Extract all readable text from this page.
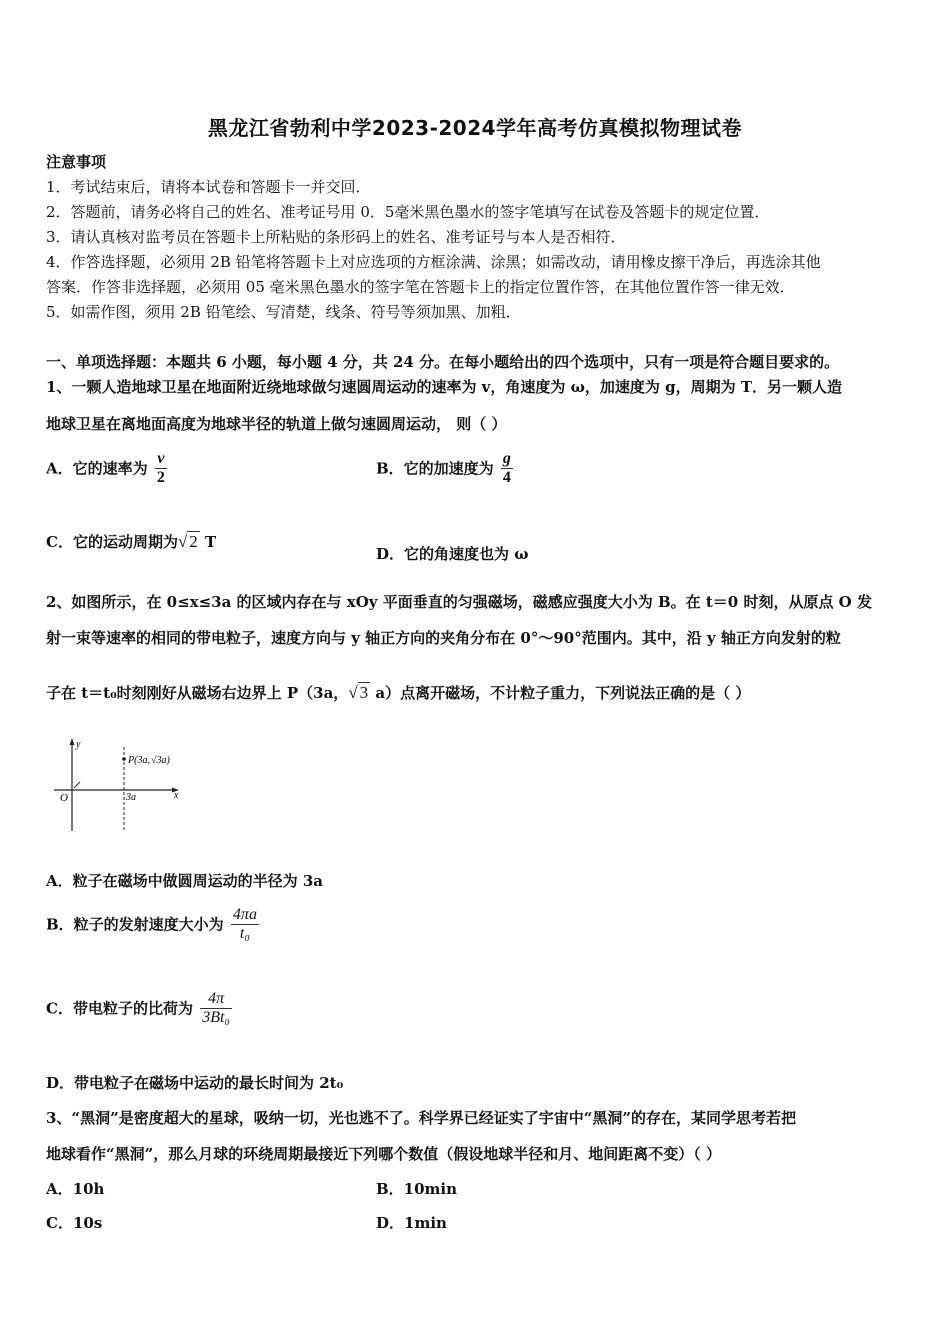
黑龙江省勃利中学2023-2024学年高考仿真模拟物理试卷
注意事项
1．考试结束后，请将本试卷和答题卡一并交回．
2．答题前，请务必将自己的姓名、准考证号用 0．5毫米黑色墨水的签字笔填写在试卷及答题卡的规定位置．
3．请认真核对监考员在答题卡上所粘贴的条形码上的姓名、准考证号与本人是否相符．
4．作答选择题，必须用 2B 铅笔将答题卡上对应选项的方框涂满、涂黑；如需改动，请用橡皮擦干净后，再选涂其他
答案．作答非选择题，必须用 05 毫米黑色墨水的签字笔在答题卡上的指定位置作答，在其他位置作答一律无效．
5．如需作图，须用 2B 铅笔绘、写清楚，线条、符号等须加黑、加粗．
一、单项选择题：本题共 6 小题，每小题 4 分，共 24 分。在每小题给出的四个选项中，只有一项是符合题目要求的。
1、一颗人造地球卫星在地面附近绕地球做匀速圆周运动的速率为 v，角速度为 ω，加速度为 g，周期为 T．另一颗人造
地球卫星在离地面高度为地球半径的轨道上做匀速圆周运动， 则（ ）
A．它的速率为 $\frac{v}{2}$	B．它的加速度为 $\frac{g}{4}$
C．它的运动周期为√ 2 T
D．它的角速度也为 ω
2、如图所示，在 0≤x≤3a 的区域内存在与 xOy 平面垂直的匀强磁场，磁感应强度大小为 B。在 t＝0 时刻，从原点 O 发
射一束等速率的相同的带电粒子，速度方向与 y 轴正方向的夹角分布在 0°～90°范围内。其中，沿 y 轴正方向发射的粒
子在 t＝t₀时刻刚好从磁场右边界上 P（3a，√ 3 a）点离开磁场，不计粒子重力，下列说法正确的是（ ）
y
x
O	3a
P(3a,√3a)
A．粒子在磁场中做圆周运动的半径为 3a
B．粒子的发射速度大小为 $\frac{4\pi a}{\text{t₀}}$
C．带电粒子的比荷为 $\frac{4\pi}{\text{3Bt₀}}$
D．带电粒子在磁场中运动的最长时间为 2t₀
3、“黑洞”是密度超大的星球，吸纳一切，光也逃不了。科学界已经证实了宇宙中“黑洞”的存在，某同学思考若把
地球看作“黑洞”，那么月球的环绕周期最接近下列哪个数值（假设地球半径和月、地间距离不变）（ ）
A．10h	B．10min
C．10s	D．1min
